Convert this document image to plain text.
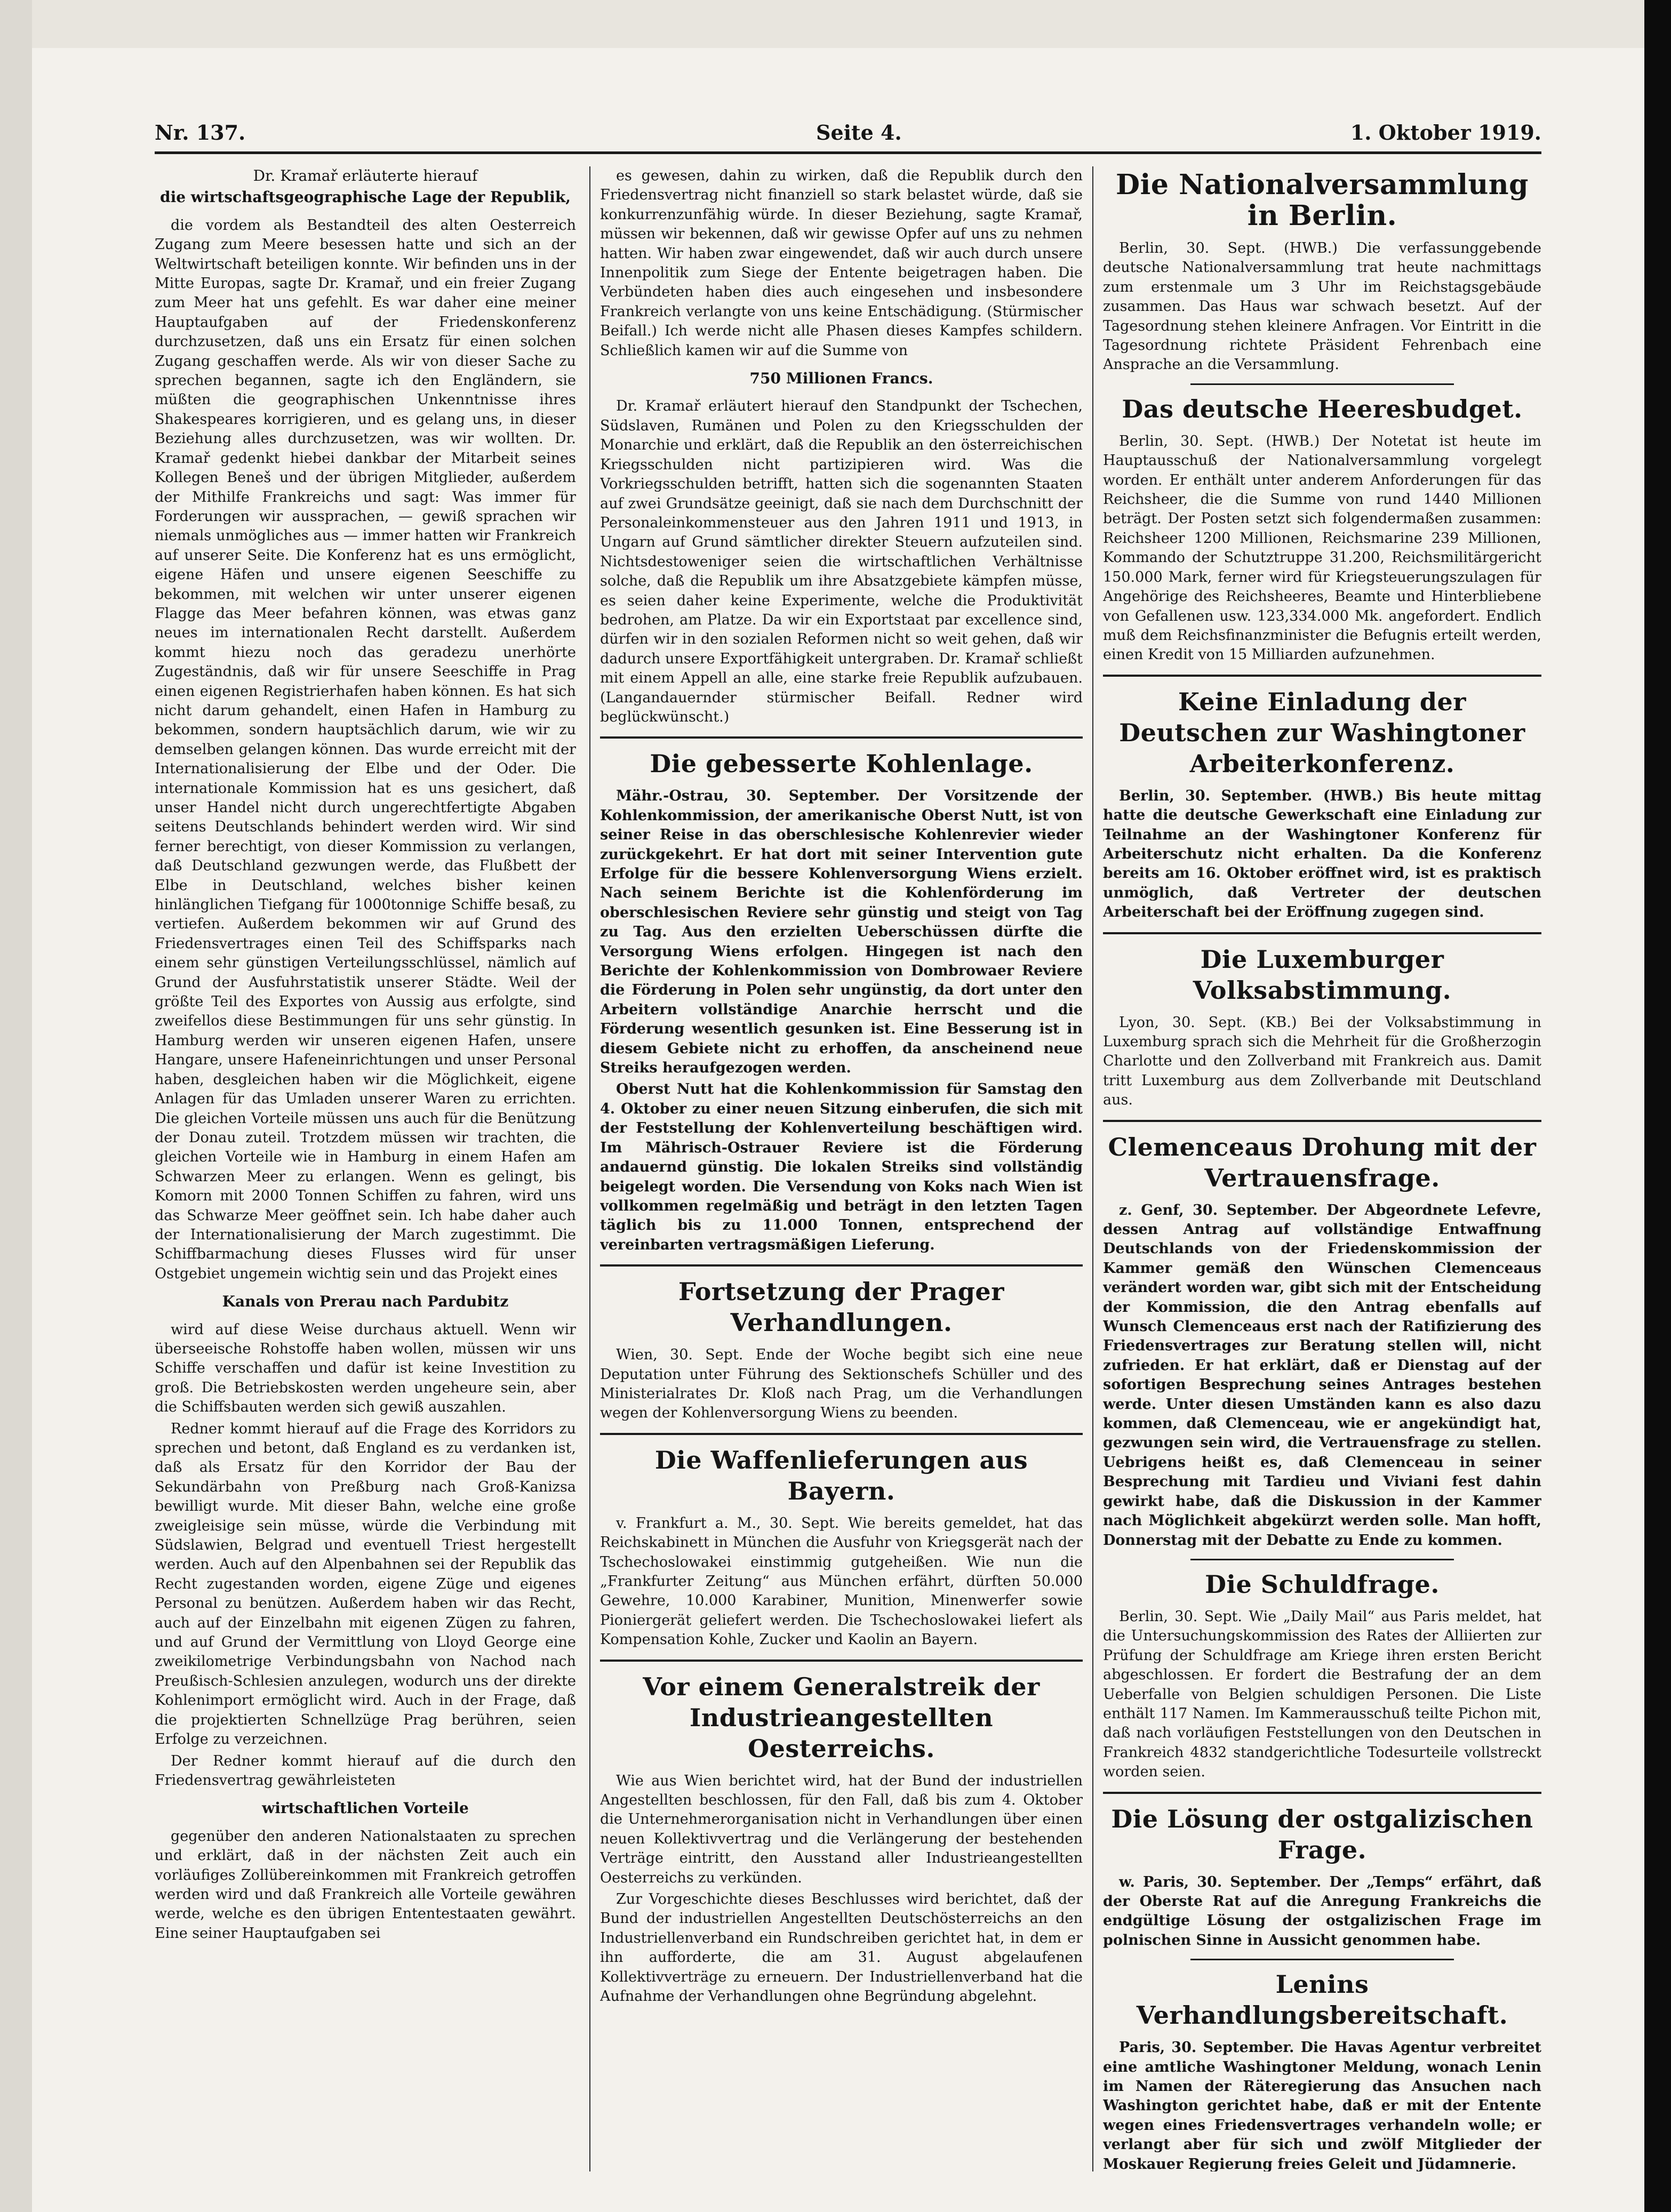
Nr. 137.	Seite 4.	1. Oktober 1919.

Dr. Kramař erläuterte hierauf

die wirtschaftsgeographische Lage der Republik,

die vordem als Bestandteil des alten Oesterreich Zugang zum Meere besessen hatte und sich an der Weltwirtschaft beteiligen konnte. Wir befinden uns in der Mitte Europas, sagte Dr. Kramař, und ein freier Zugang zum Meer hat uns gefehlt. Es war daher eine meiner Hauptaufgaben auf der Friedenskonferenz durchzusetzen, daß uns ein Ersatz für einen solchen Zugang geschaffen werde. Als wir von dieser Sache zu sprechen begannen, sagte ich den Engländern, sie müßten die geographischen Unkenntnisse ihres Shakespeares korrigieren, und es gelang uns, in dieser Beziehung alles durchzusetzen, was wir wollten. Dr. Kramař gedenkt hiebei dankbar der Mitarbeit seines Kollegen Beneš und der übrigen Mitglieder, außerdem der Mithilfe Frankreichs und sagt: Was immer für Forderungen wir aussprachen, — gewiß sprachen wir niemals unmögliches aus — immer hatten wir Frankreich auf unserer Seite. Die Konferenz hat es uns ermöglicht, eigene Häfen und unsere eigenen Seeschiffe zu bekommen, mit welchen wir unter unserer eigenen Flagge das Meer befahren können, was etwas ganz neues im internationalen Recht darstellt. Außerdem kommt hiezu noch das geradezu unerhörte Zugeständnis, daß wir für unsere Seeschiffe in Prag einen eigenen Registrierhafen haben können. Es hat sich nicht darum gehandelt, einen Hafen in Hamburg zu bekommen, sondern hauptsächlich darum, wie wir zu demselben gelangen können. Das wurde erreicht mit der Internationalisierung der Elbe und der Oder. Die internationale Kommission hat es uns gesichert, daß unser Handel nicht durch ungerechtfertigte Abgaben seitens Deutschlands behindert werden wird. Wir sind ferner berechtigt, von dieser Kommission zu verlangen, daß Deutschland gezwungen werde, das Flußbett der Elbe in Deutschland, welches bisher keinen hinlänglichen Tiefgang für 1000tonnige Schiffe besaß, zu vertiefen. Außerdem bekommen wir auf Grund des Friedensvertrages einen Teil des Schiffsparks nach einem sehr günstigen Verteilungsschlüssel, nämlich auf Grund der Ausfuhrstatistik unserer Städte. Weil der größte Teil des Exportes von Aussig aus erfolgte, sind zweifellos diese Bestimmungen für uns sehr günstig. In Hamburg werden wir unseren eigenen Hafen, unsere Hangare, unsere Hafeneinrichtungen und unser Personal haben, desgleichen haben wir die Möglichkeit, eigene Anlagen für das Umladen unserer Waren zu errichten. Die gleichen Vorteile müssen uns auch für die Benützung der Donau zuteil. Trotzdem müssen wir trachten, die gleichen Vorteile wie in Hamburg in einem Hafen am Schwarzen Meer zu erlangen. Wenn es gelingt, bis Komorn mit 2000 Tonnen Schiffen zu fahren, wird uns das Schwarze Meer geöffnet sein. Ich habe daher auch der Internationalisierung der March zugestimmt. Die Schiffbarmachung dieses Flusses wird für unser Ostgebiet ungemein wichtig sein und das Projekt eines

Kanals von Prerau nach Pardubitz

wird auf diese Weise durchaus aktuell. Wenn wir überseeische Rohstoffe haben wollen, müssen wir uns Schiffe verschaffen und dafür ist keine Investition zu groß. Die Betriebskosten werden ungeheure sein, aber die Schiffsbauten werden sich gewiß auszahlen.

Redner kommt hierauf auf die Frage des Korridors zu sprechen und betont, daß England es zu verdanken ist, daß als Ersatz für den Korridor der Bau der Sekundärbahn von Preßburg nach Groß-Kanizsa bewilligt wurde. Mit dieser Bahn, welche eine große zweigleisige sein müsse, würde die Verbindung mit Südslawien, Belgrad und eventuell Triest hergestellt werden. Auch auf den Alpenbahnen sei der Republik das Recht zugestanden worden, eigene Züge und eigenes Personal zu benützen. Außerdem haben wir das Recht, auch auf der Einzelbahn mit eigenen Zügen zu fahren, und auf Grund der Vermittlung von Lloyd George eine zweikilometrige Verbindungsbahn von Nachod nach Preußisch-Schlesien anzulegen, wodurch uns der direkte Kohlenimport ermöglicht wird. Auch in der Frage, daß die projektierten Schnellzüge Prag berühren, seien Erfolge zu verzeichnen.

Der Redner kommt hierauf auf die durch den Friedensvertrag gewährleisteten

wirtschaftlichen Vorteile

gegenüber den anderen Nationalstaaten zu sprechen und erklärt, daß in der nächsten Zeit auch ein vorläufiges Zollübereinkommen mit Frankreich getroffen werden wird und daß Frankreich alle Vorteile gewähren werde, welche es den übrigen Ententestaaten gewährt. Eine seiner Hauptaufgaben sei

es gewesen, dahin zu wirken, daß die Republik durch den Friedensvertrag nicht finanziell so stark belastet würde, daß sie konkurrenzunfähig würde. In dieser Beziehung, sagte Kramař, müssen wir bekennen, daß wir gewisse Opfer auf uns zu nehmen hatten. Wir haben zwar eingewendet, daß wir auch durch unsere Innenpolitik zum Siege der Entente beigetragen haben. Die Verbündeten haben dies auch eingesehen und insbesondere Frankreich verlangte von uns keine Entschädigung. (Stürmischer Beifall.) Ich werde nicht alle Phasen dieses Kampfes schildern. Schließlich kamen wir auf die Summe von

750 Millionen Francs.

Dr. Kramař erläutert hierauf den Standpunkt der Tschechen, Südslaven, Rumänen und Polen zu den Kriegsschulden der Monarchie und erklärt, daß die Republik an den österreichischen Kriegsschulden nicht partizipieren wird. Was die Vorkriegsschulden betrifft, hatten sich die sogenannten Staaten auf zwei Grundsätze geeinigt, daß sie nach dem Durchschnitt der Personaleinkommensteuer aus den Jahren 1911 und 1913, in Ungarn auf Grund sämtlicher direkter Steuern aufzuteilen sind. Nichtsdestoweniger seien die wirtschaftlichen Verhältnisse solche, daß die Republik um ihre Absatzgebiete kämpfen müsse, es seien daher keine Experimente, welche die Produktivität bedrohen, am Platze. Da wir ein Exportstaat par excellence sind, dürfen wir in den sozialen Reformen nicht so weit gehen, daß wir dadurch unsere Exportfähigkeit untergraben. Dr. Kramař schließt mit einem Appell an alle, eine starke freie Republik aufzubauen. (Langandauernder stürmischer Beifall. Redner wird beglückwünscht.)

Die gebesserte Kohlenlage.

Mähr.-Ostrau, 30. September. Der Vorsitzende der Kohlenkommission, der amerikanische Oberst Nutt, ist von seiner Reise in das oberschlesische Kohlenrevier wieder zurückgekehrt. Er hat dort mit seiner Intervention gute Erfolge für die bessere Kohlenversorgung Wiens erzielt. Nach seinem Berichte ist die Kohlenförderung im oberschlesischen Reviere sehr günstig und steigt von Tag zu Tag. Aus den erzielten Ueberschüssen dürfte die Versorgung Wiens erfolgen. Hingegen ist nach den Berichte der Kohlenkommission von Dombrowaer Reviere die Förderung in Polen sehr ungünstig, da dort unter den Arbeitern vollständige Anarchie herrscht und die Förderung wesentlich gesunken ist. Eine Besserung ist in diesem Gebiete nicht zu erhoffen, da anscheinend neue Streiks heraufgezogen werden.

Oberst Nutt hat die Kohlenkommission für Samstag den 4. Oktober zu einer neuen Sitzung einberufen, die sich mit der Feststellung der Kohlenverteilung beschäftigen wird. Im Mährisch-Ostrauer Reviere ist die Förderung andauernd günstig. Die lokalen Streiks sind vollständig beigelegt worden. Die Versendung von Koks nach Wien ist vollkommen regelmäßig und beträgt in den letzten Tagen täglich bis zu 11.000 Tonnen, entsprechend der vereinbarten vertragsmäßigen Lieferung.

Fortsetzung der Prager Verhandlungen.

Wien, 30. Sept. Ende der Woche begibt sich eine neue Deputation unter Führung des Sektionschefs Schüller und des Ministerialrates Dr. Kloß nach Prag, um die Verhandlungen wegen der Kohlenversorgung Wiens zu beenden.

Die Waffenlieferungen aus Bayern.

v. Frankfurt a. M., 30. Sept. Wie bereits gemeldet, hat das Reichskabinett in München die Ausfuhr von Kriegsgerät nach der Tschechoslowakei einstimmig gutgeheißen. Wie nun die „Frankfurter Zeitung“ aus München erfährt, dürften 50.000 Gewehre, 10.000 Karabiner, Munition, Minenwerfer sowie Pioniergerät geliefert werden. Die Tschechoslowakei liefert als Kompensation Kohle, Zucker und Kaolin an Bayern.

Vor einem Generalstreik der Industrieangestellten Oesterreichs.

Wie aus Wien berichtet wird, hat der Bund der industriellen Angestellten beschlossen, für den Fall, daß bis zum 4. Oktober die Unternehmerorganisation nicht in Verhandlungen über einen neuen Kollektivvertrag und die Verlängerung der bestehenden Verträge eintritt, den Ausstand aller Industrieangestellten Oesterreichs zu verkünden.

Zur Vorgeschichte dieses Beschlusses wird berichtet, daß der Bund der industriellen Angestellten Deutschösterreichs an den Industriellenverband ein Rundschreiben gerichtet hat, in dem er ihn aufforderte, die am 31. August abgelaufenen Kollektivverträge zu erneuern. Der Industriellenverband hat die Aufnahme der Verhandlungen ohne Begründung abgelehnt.

Die Nationalversammlung in Berlin.

Berlin, 30. Sept. (HWB.) Die verfassunggebende deutsche Nationalversammlung trat heute nachmittags zum erstenmale um 3 Uhr im Reichstagsgebäude zusammen. Das Haus war schwach besetzt. Auf der Tagesordnung stehen kleinere Anfragen. Vor Eintritt in die Tagesordnung richtete Präsident Fehrenbach eine Ansprache an die Versammlung.

Das deutsche Heeresbudget.

Berlin, 30. Sept. (HWB.) Der Notetat ist heute im Hauptausschuß der Nationalversammlung vorgelegt worden. Er enthält unter anderem Anforderungen für das Reichsheer, die die Summe von rund 1440 Millionen beträgt. Der Posten setzt sich folgendermaßen zusammen: Reichsheer 1200 Millionen, Reichsmarine 239 Millionen, Kommando der Schutztruppe 31.200, Reichsmilitärgericht 150.000 Mark, ferner wird für Kriegsteuerungszulagen für Angehörige des Reichsheeres, Beamte und Hinterbliebene von Gefallenen usw. 123,334.000 Mk. angefordert. Endlich muß dem Reichsfinanzminister die Befugnis erteilt werden, einen Kredit von 15 Milliarden aufzunehmen.

Keine Einladung der Deutschen zur Washingtoner Arbeiterkonferenz.

Berlin, 30. September. (HWB.) Bis heute mittag hatte die deutsche Gewerkschaft eine Einladung zur Teilnahme an der Washingtoner Konferenz für Arbeiterschutz nicht erhalten. Da die Konferenz bereits am 16. Oktober eröffnet wird, ist es praktisch unmöglich, daß Vertreter der deutschen Arbeiterschaft bei der Eröffnung zugegen sind.

Die Luxemburger Volksabstimmung.

Lyon, 30. Sept. (KB.) Bei der Volksabstimmung in Luxemburg sprach sich die Mehrheit für die Großherzogin Charlotte und den Zollverband mit Frankreich aus. Damit tritt Luxemburg aus dem Zollverbande mit Deutschland aus.

Clemenceaus Drohung mit der Vertrauensfrage.

z. Genf, 30. September. Der Abgeordnete Lefevre, dessen Antrag auf vollständige Entwaffnung Deutschlands von der Friedenskommission der Kammer gemäß den Wünschen Clemenceaus verändert worden war, gibt sich mit der Entscheidung der Kommission, die den Antrag ebenfalls auf Wunsch Clemenceaus erst nach der Ratifizierung des Friedensvertrages zur Beratung stellen will, nicht zufrieden. Er hat erklärt, daß er Dienstag auf der sofortigen Besprechung seines Antrages bestehen werde. Unter diesen Umständen kann es also dazu kommen, daß Clemenceau, wie er angekündigt hat, gezwungen sein wird, die Vertrauensfrage zu stellen. Uebrigens heißt es, daß Clemenceau in seiner Besprechung mit Tardieu und Viviani fest dahin gewirkt habe, daß die Diskussion in der Kammer nach Möglichkeit abgekürzt werden solle. Man hofft, Donnerstag mit der Debatte zu Ende zu kommen.

Die Schuldfrage.

Berlin, 30. Sept. Wie „Daily Mail“ aus Paris meldet, hat die Untersuchungskommission des Rates der Alliierten zur Prüfung der Schuldfrage am Kriege ihren ersten Bericht abgeschlossen. Er fordert die Bestrafung der an dem Ueberfalle von Belgien schuldigen Personen. Die Liste enthält 117 Namen. Im Kammerausschuß teilte Pichon mit, daß nach vorläufigen Feststellungen von den Deutschen in Frankreich 4832 standgerichtliche Todesurteile vollstreckt worden seien.

Die Lösung der ostgalizischen Frage.

w. Paris, 30. September. Der „Temps“ erfährt, daß der Oberste Rat auf die Anregung Frankreichs die endgültige Lösung der ostgalizischen Frage im polnischen Sinne in Aussicht genommen habe.

Lenins Verhandlungsbereitschaft.

Paris, 30. September. Die Havas Agentur verbreitet eine amtliche Washingtoner Meldung, wonach Lenin im Namen der Räteregierung das Ansuchen nach Washington gerichtet habe, daß er mit der Entente wegen eines Friedensvertrages verhandeln wolle; er verlangt aber für sich und zwölf Mitglieder der Moskauer Regierung freies Geleit und Jüdamnerie.
